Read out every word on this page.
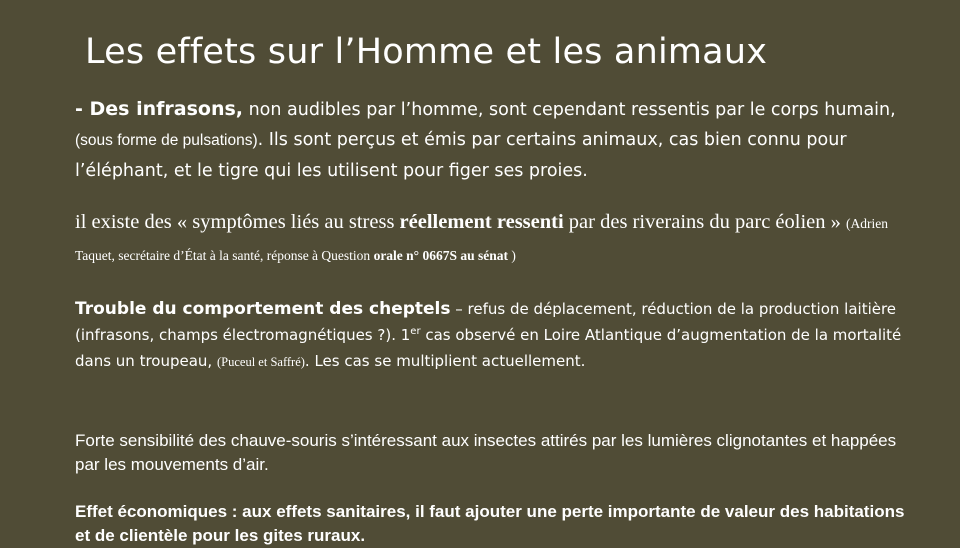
Les effets sur l’Homme et les animaux

- Des infrasons, non audibles par l’homme, sont cependant ressentis par le corps humain, (sous forme de pulsations). Ils sont perçus et émis par certains animaux, cas bien connu pour l’éléphant, et le tigre qui les utilisent pour figer ses proies.

il existe des « symptômes liés au stress réellement ressenti par des riverains du parc éolien » (Adrien Taquet, secrétaire d’État à la santé, réponse à Question orale n° 0667S au sénat )

Trouble du comportement des cheptels – refus de déplacement, réduction de la production laitière (infrasons, champs électromagnétiques ?). 1er cas observé en Loire Atlantique d’augmentation de la mortalité dans un troupeau, (Puceul et Saffré). Les cas se multiplient actuellement.

Forte sensibilité des chauve-souris s’intéressant aux insectes attirés par les lumières clignotantes et happées par les mouvements d’air.

Effet économiques : aux effets sanitaires, il faut ajouter une perte importante de valeur des habitations et de clientèle pour les gites ruraux.
